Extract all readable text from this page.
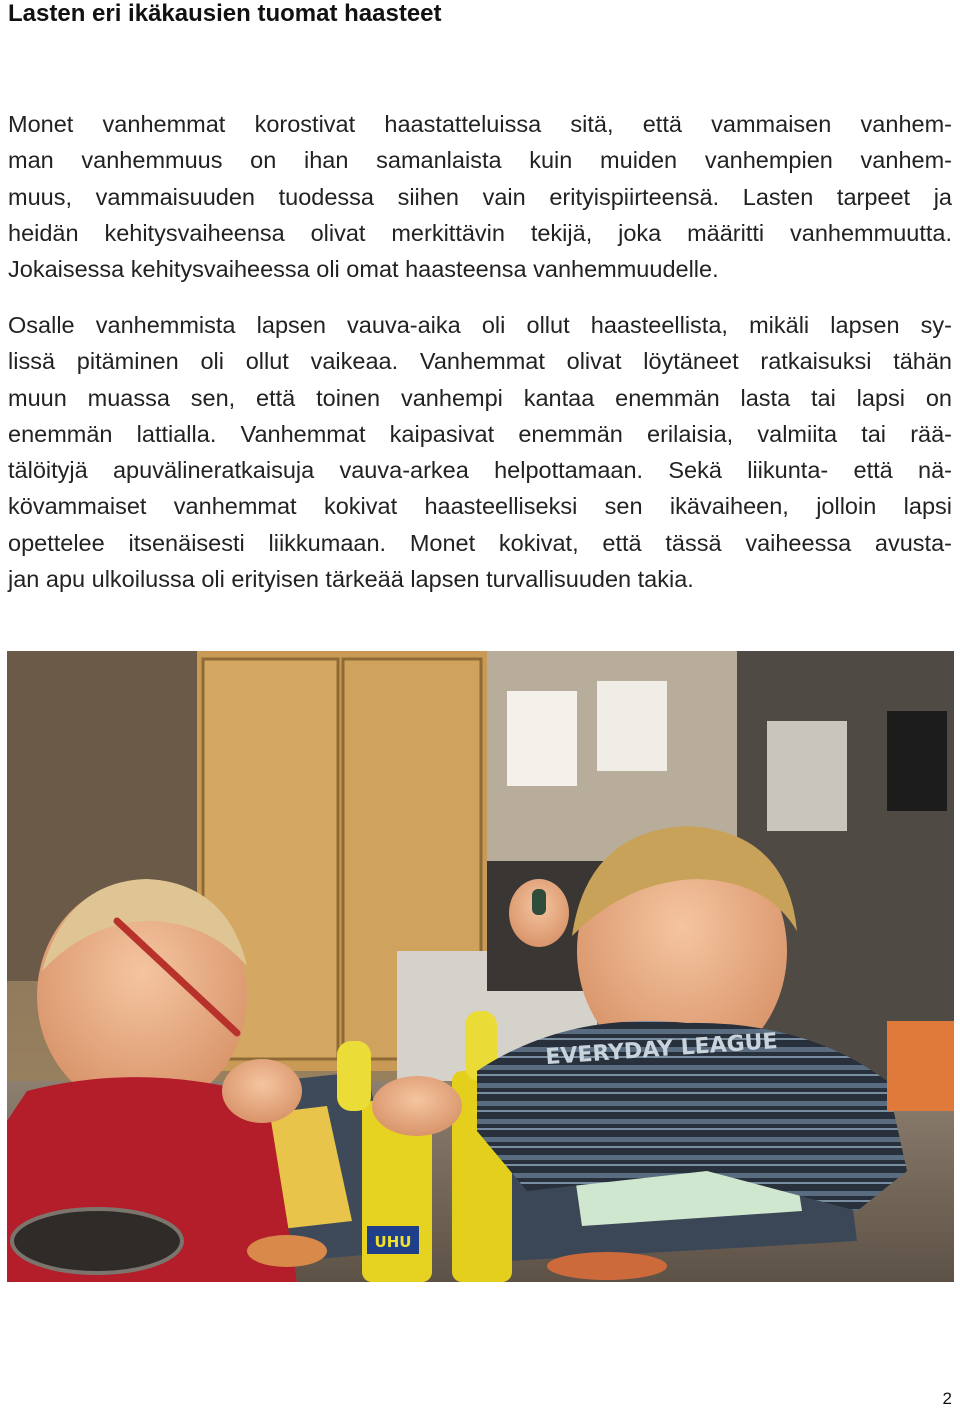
Lasten eri ikäkausien tuomat haasteet
Monet vanhemmat korostivat haastatteluissa sitä, että vammaisen vanhem-
man vanhemmuus on ihan samanlaista kuin muiden vanhempien vanhem-
muus, vammaisuuden tuodessa siihen vain erityispiirteensä. Lasten tarpeet ja
heidän kehitysvaiheensa olivat merkittävin tekijä, joka määritti vanhemmuutta.
Jokaisessa kehitysvaiheessa oli omat haasteensa vanhemmuudelle.
Osalle vanhemmista lapsen vauva-aika oli ollut haasteellista, mikäli lapsen sy-
lissä pitäminen oli ollut vaikeaa. Vanhemmat olivat löytäneet ratkaisuksi tähän
muun muassa sen, että toinen vanhempi kantaa enemmän lasta tai lapsi on
enemmän lattialla. Vanhemmat kaipasivat enemmän erilaisia, valmiita tai rää-
tälöityjä apuvälineratkaisuja vauva-arkea helpottamaan. Sekä liikunta- että nä-
kövammaiset vanhemmat kokivat haasteelliseksi sen ikävaiheen, jolloin lapsi
opettelee itsenäisesti liikkumaan. Monet kokivat, että tässä vaiheessa avusta-
jan apu ulkoilussa oli erityisen tärkeää lapsen turvallisuuden takia.
UHU
EVERYDAY LEAGUE
2
